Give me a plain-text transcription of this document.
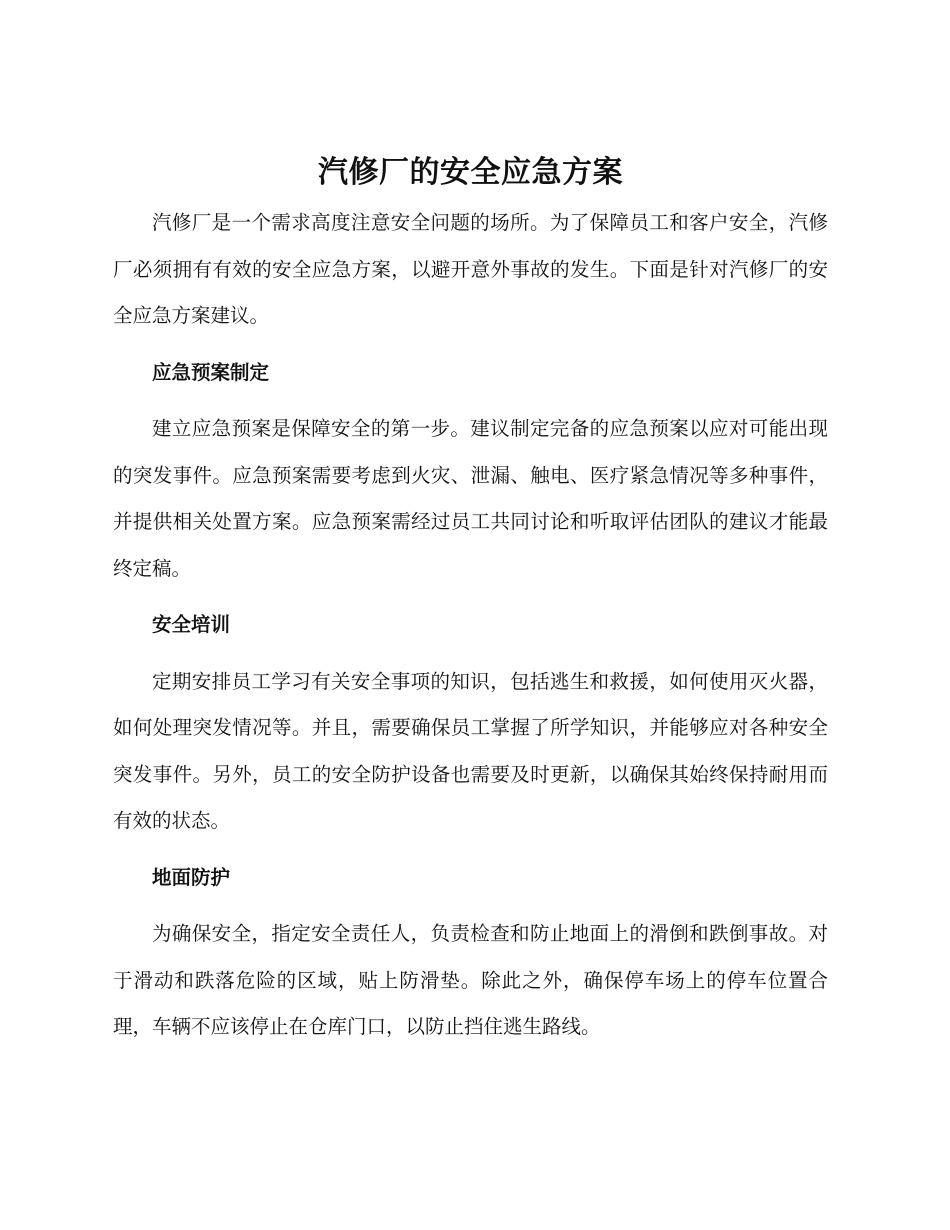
汽修厂的安全应急方案

汽修厂是一个需求高度注意安全问题的场所。为了保障员工和客户安全，汽修厂必须拥有有效的安全应急方案，以避开意外事故的发生。下面是针对汽修厂的安全应急方案建议。

应急预案制定

建立应急预案是保障安全的第一步。建议制定完备的应急预案以应对可能出现的突发事件。应急预案需要考虑到火灾、泄漏、触电、医疗紧急情况等多种事件，并提供相关处置方案。应急预案需经过员工共同讨论和听取评估团队的建议才能最终定稿。

安全培训

定期安排员工学习有关安全事项的知识，包括逃生和救援，如何使用灭火器，如何处理突发情况等。并且，需要确保员工掌握了所学知识，并能够应对各种安全突发事件。另外，员工的安全防护设备也需要及时更新，以确保其始终保持耐用而有效的状态。

地面防护

为确保安全，指定安全责任人，负责检查和防止地面上的滑倒和跌倒事故。对于滑动和跌落危险的区域，贴上防滑垫。除此之外，确保停车场上的停车位置合理，车辆不应该停止在仓库门口，以防止挡住逃生路线。
